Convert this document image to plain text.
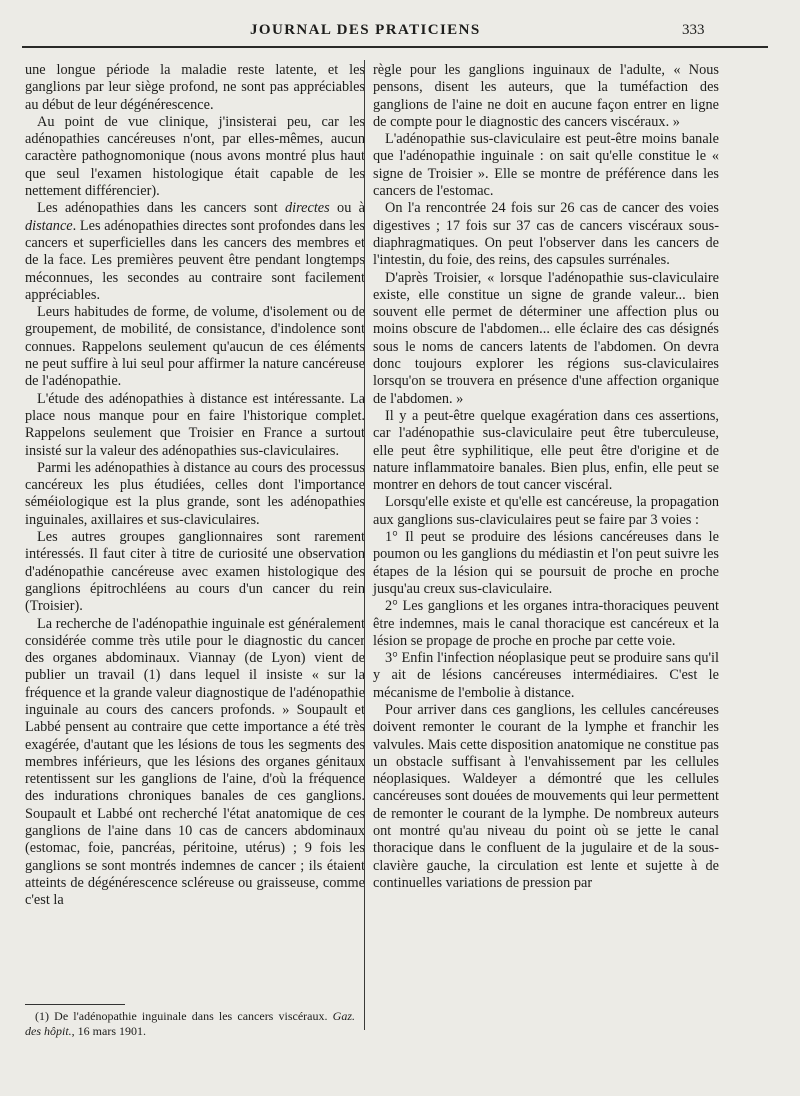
JOURNAL DES PRATICIENS	333

une longue période la maladie reste latente, et les ganglions par leur siège profond, ne sont pas appréciables au début de leur dégénérescence.

Au point de vue clinique, j'insisterai peu, car les adénopathies cancéreuses n'ont, par elles-mêmes, aucun caractère pathognomonique (nous avons montré plus haut que seul l'examen histologique était capable de les nettement différencier).

Les adénopathies dans les cancers sont directes ou à distance. Les adénopathies directes sont profondes dans les cancers et superficielles dans les cancers des membres et de la face. Les premières peuvent être pendant longtemps méconnues, les secondes au contraire sont facilement appréciables.

Leurs habitudes de forme, de volume, d'isolement ou de groupement, de mobilité, de consistance, d'indolence sont connues. Rappelons seulement qu'aucun de ces éléments ne peut suffire à lui seul pour affirmer la nature cancéreuse de l'adénopathie.

L'étude des adénopathies à distance est intéressante. La place nous manque pour en faire l'historique complet. Rappelons seulement que Troisier en France a surtout insisté sur la valeur des adénopathies sus-claviculaires.

Parmi les adénopathies à distance au cours des processus cancéreux les plus étudiées, celles dont l'importance séméiologique est la plus grande, sont les adénopathies inguinales, axillaires et sus-claviculaires.

Les autres groupes ganglionnaires sont rarement intéressés. Il faut citer à titre de curiosité une observation d'adénopathie cancéreuse avec examen histologique des ganglions épitrochléens au cours d'un cancer du rein (Troisier).

La recherche de l'adénopathie inguinale est généralement considérée comme très utile pour le diagnostic du cancer des organes abdominaux. Viannay (de Lyon) vient de publier un travail (1) dans lequel il insiste « sur la fréquence et la grande valeur diagnostique de l'adénopathie inguinale au cours des cancers profonds. » Soupault et Labbé pensent au contraire que cette importance a été très exagérée, d'autant que les lésions de tous les segments des membres inférieurs, que les lésions des organes génitaux retentissent sur les ganglions de l'aine, d'où la fréquence des indurations chroniques banales de ces ganglions. Soupault et Labbé ont recherché l'état anatomique de ces ganglions de l'aine dans 10 cas de cancers abdominaux (estomac, foie, pancréas, péritoine, utérus) ; 9 fois les ganglions se sont montrés indemnes de cancer ; ils étaient atteints de dégénérescence scléreuse ou graisseuse, comme c'est la

règle pour les ganglions inguinaux de l'adulte, « Nous pensons, disent les auteurs, que la tuméfaction des ganglions de l'aine ne doit en aucune façon entrer en ligne de compte pour le diagnostic des cancers viscéraux. »

L'adénopathie sus-claviculaire est peut-être moins banale que l'adénopathie inguinale : on sait qu'elle constitue le « signe de Troisier ». Elle se montre de préférence dans les cancers de l'estomac.

On l'a rencontrée 24 fois sur 26 cas de cancer des voies digestives ; 17 fois sur 37 cas de cancers viscéraux sous-diaphragmatiques. On peut l'observer dans les cancers de l'intestin, du foie, des reins, des capsules surrénales.

D'après Troisier, « lorsque l'adénopathie sus-claviculaire existe, elle constitue un signe de grande valeur... bien souvent elle permet de déterminer une affection plus ou moins obscure de l'abdomen... elle éclaire des cas désignés sous le noms de cancers latents de l'abdomen. On devra donc toujours explorer les régions sus-claviculaires lorsqu'on se trouvera en présence d'une affection organique de l'abdomen. »

Il y a peut-être quelque exagération dans ces assertions, car l'adénopathie sus-claviculaire peut être tuberculeuse, elle peut être syphilitique, elle peut être d'origine et de nature inflammatoire banales. Bien plus, enfin, elle peut se montrer en dehors de tout cancer viscéral.

Lorsqu'elle existe et qu'elle est cancéreuse, la propagation aux ganglions sus-claviculaires peut se faire par 3 voies :

1° Il peut se produire des lésions cancéreuses dans le poumon ou les ganglions du médiastin et l'on peut suivre les étapes de la lésion qui se poursuit de proche en proche jusqu'au creux sus-claviculaire.

2° Les ganglions et les organes intra-thoraciques peuvent être indemnes, mais le canal thoracique est cancéreux et la lésion se propage de proche en proche par cette voie.

3° Enfin l'infection néoplasique peut se produire sans qu'il y ait de lésions cancéreuses intermédiaires. C'est le mécanisme de l'embolie à distance.

Pour arriver dans ces ganglions, les cellules cancéreuses doivent remonter le courant de la lymphe et franchir les valvules. Mais cette disposition anatomique ne constitue pas un obstacle suffisant à l'envahissement par les cellules néoplasiques. Waldeyer a démontré que les cellules cancéreuses sont douées de mouvements qui leur permettent de remonter le courant de la lymphe. De nombreux auteurs ont montré qu'au niveau du point où se jette le canal thoracique dans le confluent de la jugulaire et de la sous-clavière gauche, la circulation est lente et sujette à de continuelles variations de pression par

(1) De l'adénopathie inguinale dans les cancers viscéraux. Gaz. des hôpit., 16 mars 1901.
